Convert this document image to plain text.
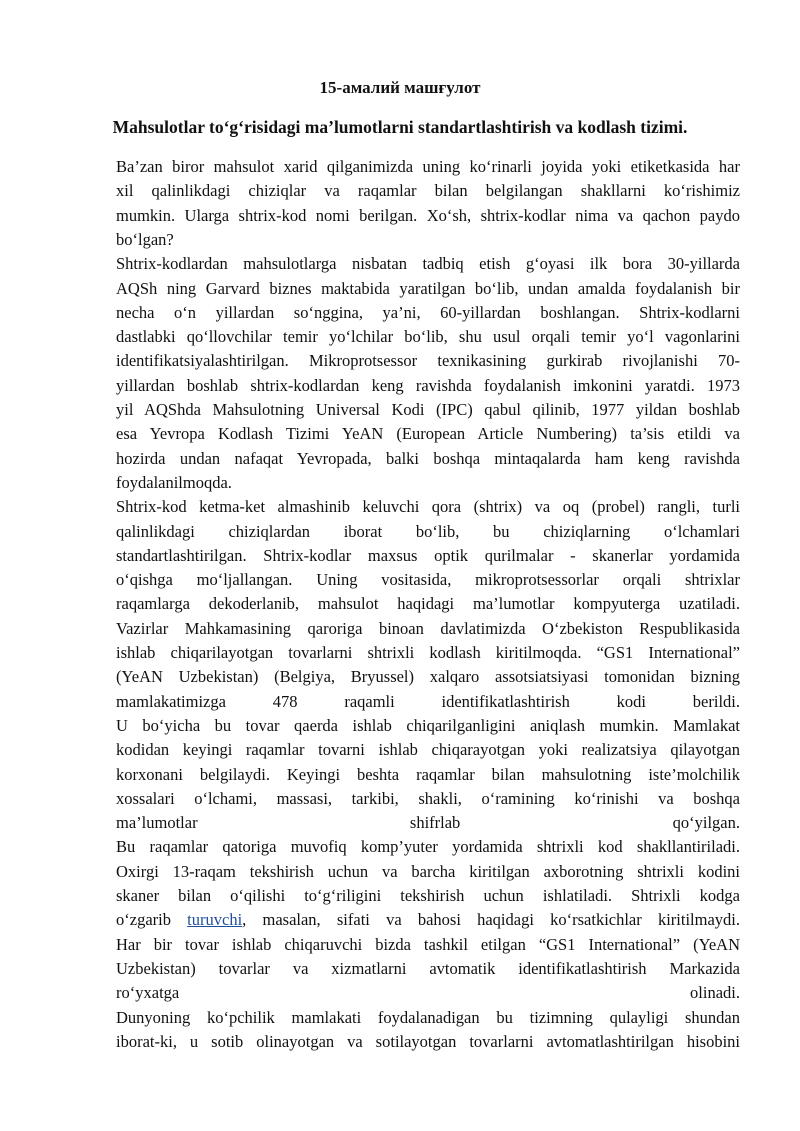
15-амалий машғулот
Mahsulotlar to‘g‘risidagi ma’lumotlarni standartlashtirish va kodlash tizimi.
Ba’zan biror mahsulot xarid qilganimizda uning ko‘rinarli joyida yoki etiketkasida har
xil qalinlikdagi chiziqlar va raqamlar bilan belgilangan shakllarni ko‘rishimiz
mumkin. Ularga shtrix-kod nomi berilgan. Xo‘sh, shtrix-kodlar nima va qachon paydo
bo‘lgan?
Shtrix-kodlardan mahsulotlarga nisbatan tadbiq etish g‘oyasi ilk bora 30-yillarda
AQSh ning Garvard biznes maktabida yaratilgan bo‘lib, undan amalda foydalanish bir
necha o‘n yillardan so‘nggina, ya’ni, 60-yillardan boshlangan. Shtrix-kodlarni
dastlabki qo‘llovchilar temir yo‘lchilar bo‘lib, shu usul orqali temir yo‘l vagonlarini
identifikatsiyalashtirilgan. Mikroprotsessor texnikasining gurkirab rivojlanishi 70-
yillardan boshlab shtrix-kodlardan keng ravishda foydalanish imkonini yaratdi. 1973
yil AQShda Mahsulotning Universal Kodi (IPC) qabul qilinib, 1977 yildan boshlab
esa Yevropa Kodlash Tizimi YeAN (European Article Numbering) ta’sis etildi va
hozirda undan nafaqat Yevropada, balki boshqa mintaqalarda ham keng ravishda
foydalanilmoqda.
Shtrix-kod ketma-ket almashinib keluvchi qora (shtrix) va oq (probel) rangli, turli
qalinlikdagi chiziqlardan iborat bo‘lib, bu chiziqlarning o‘lchamlari
standartlashtirilgan. Shtrix-kodlar maxsus optik qurilmalar - skanerlar yordamida
o‘qishga mo‘ljallangan. Uning vositasida, mikroprotsessorlar orqali shtrixlar
raqamlarga dekoderlanib, mahsulot haqidagi ma’lumotlar kompyuterga uzatiladi.
Vazirlar Mahkamasining qaroriga binoan davlatimizda O‘zbekiston Respublikasida
ishlab chiqarilayotgan tovarlarni shtrixli kodlash kiritilmoqda. “GS1 International”
(YeAN Uzbekistan) (Belgiya, Bryussel) xalqaro assotsiatsiyasi tomonidan bizning
mamlakatimizga 478 raqamli identifikatlashtirish kodi berildi.
U bo‘yicha bu tovar qaerda ishlab chiqarilganligini aniqlash mumkin. Mamlakat
kodidan keyingi raqamlar tovarni ishlab chiqarayotgan yoki realizatsiya qilayotgan
korxonani belgilaydi. Keyingi beshta raqamlar bilan mahsulotning iste’molchilik
xossalari o‘lchami, massasi, tarkibi, shakli, o‘ramining ko‘rinishi va boshqa
ma’lumotlar shifrlab qo‘yilgan.
Bu raqamlar qatoriga muvofiq komp’yuter yordamida shtrixli kod shakllantiriladi.
Oxirgi 13-raqam tekshirish uchun va barcha kiritilgan axborotning shtrixli kodini
skaner bilan o‘qilishi to‘g‘riligini tekshirish uchun ishlatiladi. Shtrixli kodga
o‘zgarib turuvchi, masalan, sifati va bahosi haqidagi ko‘rsatkichlar kiritilmaydi.
Har bir tovar ishlab chiqaruvchi bizda tashkil etilgan “GS1 International” (YeAN
Uzbekistan) tovarlar va xizmatlarni avtomatik identifikatlashtirish Markazida
ro‘yxatga olinadi.
Dunyoning ko‘pchilik mamlakati foydalanadigan bu tizimning qulayligi shundan
iborat-ki, u sotib olinayotgan va sotilayotgan tovarlarni avtomatlashtirilgan hisobini
